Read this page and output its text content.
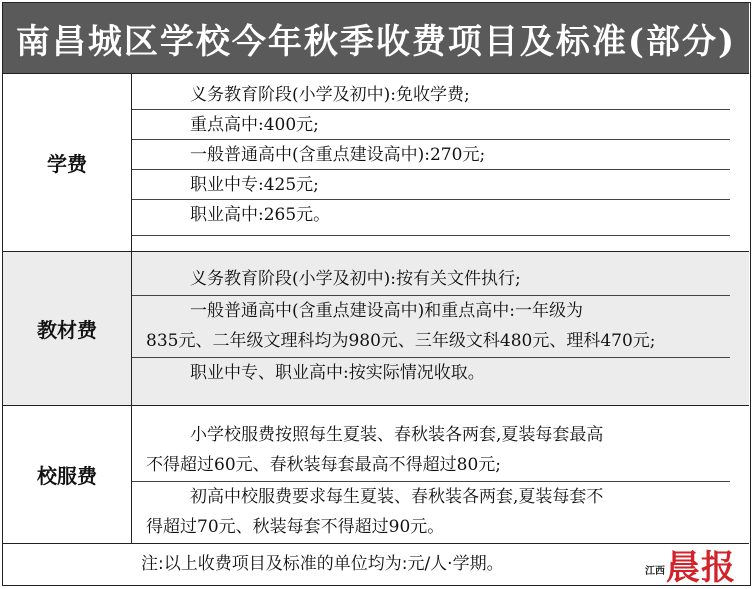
南昌城区学校今年秋季收费项目及标准(部分)
学费
义务教育阶段(小学及初中):免收学费;
重点高中:400元;
一般普通高中(含重点建设高中):270元;
职业中专:425元;
职业高中:265元。
教材费
义务教育阶段(小学及初中):按有关文件执行;
一般普通高中(含重点建设高中)和重点高中:一年级为
835元、二年级文理科均为980元、三年级文科480元、理科470元;
职业中专、职业高中:按实际情况收取。
校服费
小学校服费按照每生夏装、春秋装各两套,夏装每套最高
不得超过60元、春秋装每套最高不得超过80元;
初高中校服费要求每生夏装、春秋装各两套,夏装每套不
得超过70元、秋装每套不得超过90元。
注:以上收费项目及标准的单位均为:元/人·学期。	江西 晨报
